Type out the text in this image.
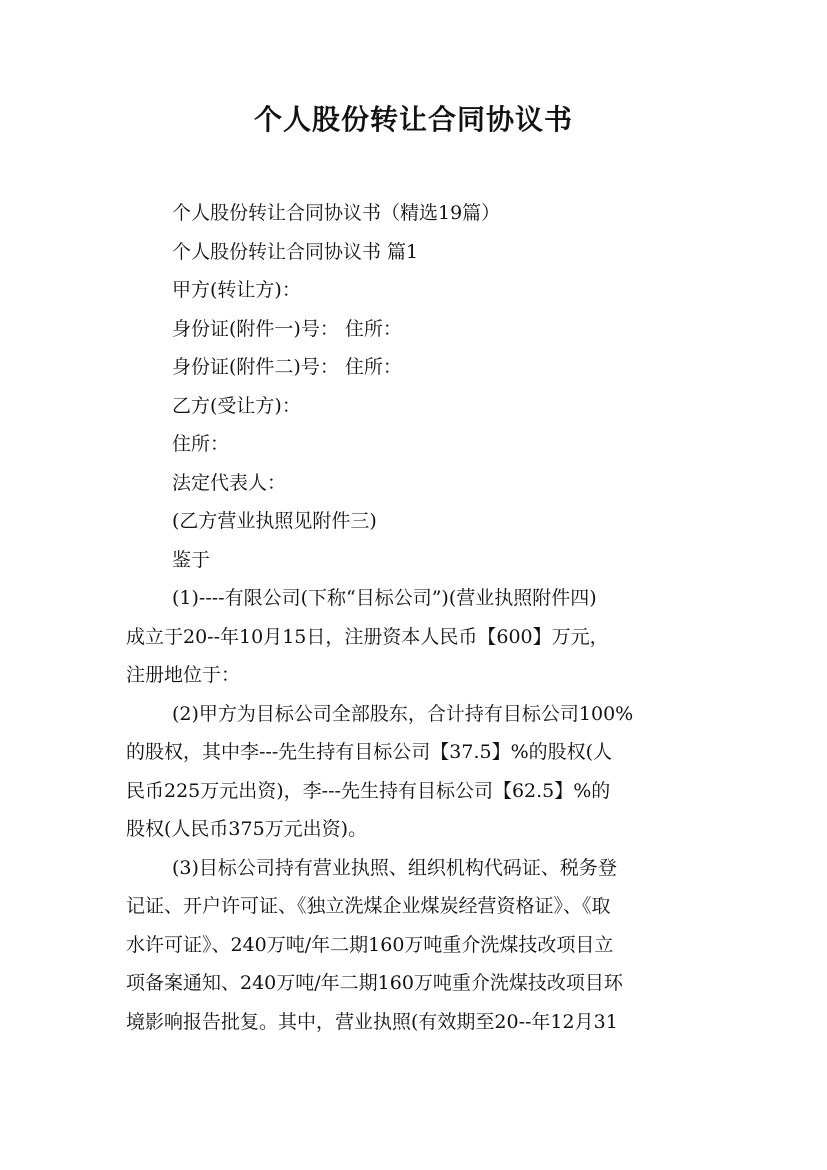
个人股份转让合同协议书
个人股份转让合同协议书（精选19篇）
个人股份转让合同协议书 篇1
甲方(转让方)：
身份证(附件一)号： 住所：
身份证(附件二)号： 住所：
乙方(受让方)：
住所：
法定代表人：
(乙方营业执照见附件三)
鉴于
(1)----有限公司(下称“目标公司”)(营业执照附件四)
成立于20--年10月15日，注册资本人民币【600】万元，
注册地位于：
(2)甲方为目标公司全部股东，合计持有目标公司100%
的股权，其中李---先生持有目标公司【37.5】%的股权(人
民币225万元出资)，李---先生持有目标公司【62.5】%的
股权(人民币375万元出资)。
(3)目标公司持有营业执照、组织机构代码证、税务登
记证、开户许可证、《独立洗煤企业煤炭经营资格证》、《取
水许可证》、240万吨/年二期160万吨重介洗煤技改项目立
项备案通知、240万吨/年二期160万吨重介洗煤技改项目环
境影响报告批复。其中，营业执照(有效期至20--年12月31
